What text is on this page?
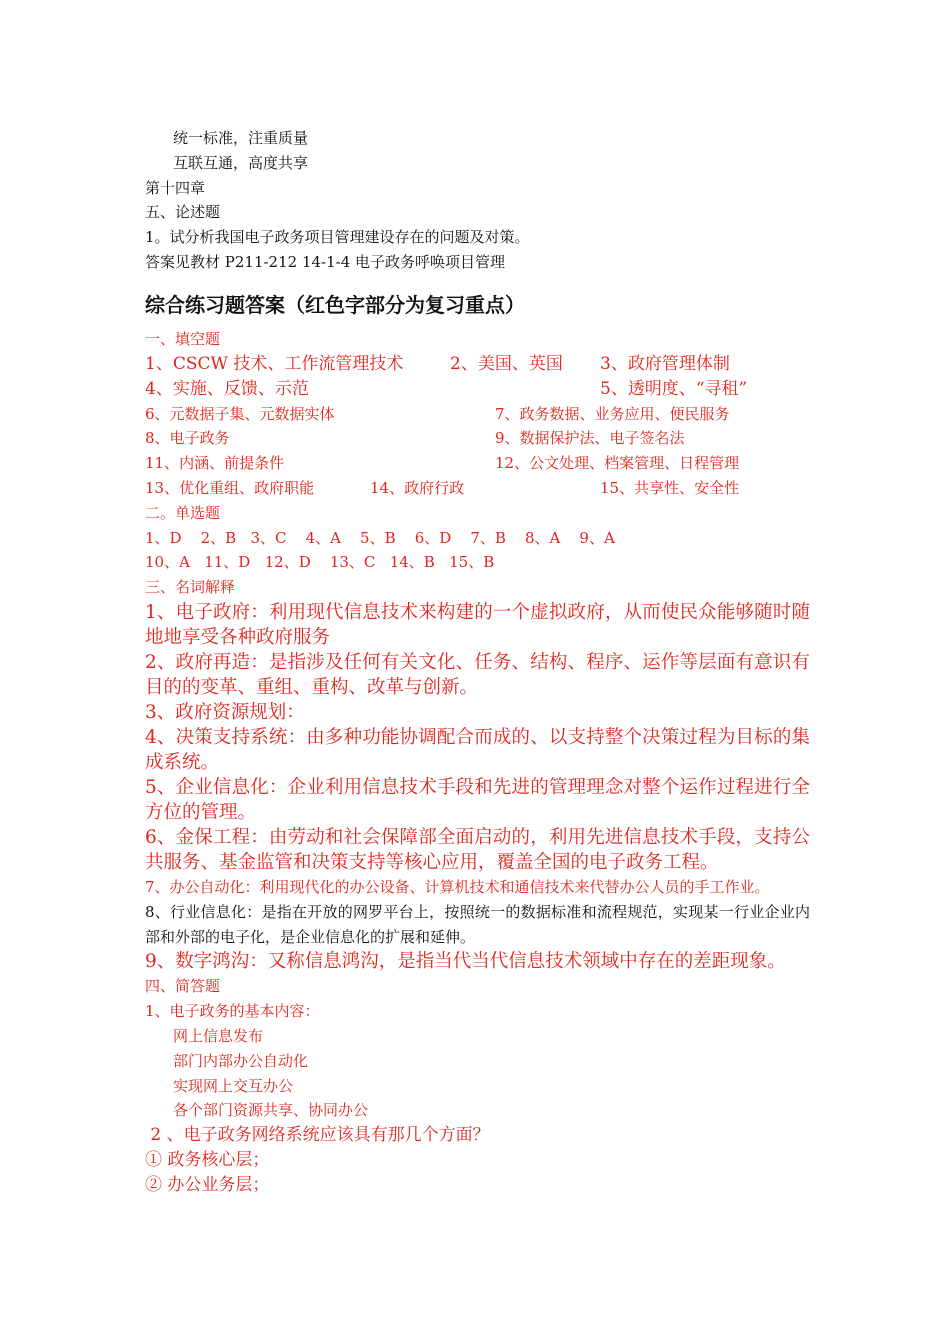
统一标准，注重质量

互联互通，高度共享

第十四章

五、论述题

1。试分析我国电子政务项目管理建设存在的问题及对策。

答案见教材 P211-212 14-1-4 电子政务呼唤项目管理

综合练习题答案（红色字部分为复习重点）

一、填空题

1、CSCW 技术、工作流管理技术	2、美国、英国 3、政府管理体制
4、实施、反馈、示范	5、透明度、“寻租”
6、元数据子集、元数据实体	7、政务数据、业务应用、便民服务
8、电子政务	9、数据保护法、电子签名法
11、内涵、前提条件	12、公文处理、档案管理、日程管理
13、优化重组、政府职能	14、政府行政	15、共享性、安全性

二。单选题

1、D    2、B   3、C    4、A    5、B    6、D    7、B    8、A    9、A

10、A   11、D   12、D    13、C   14、B   15、B

三、名词解释

1、电子政府：利用现代信息技术来构建的一个虚拟政府，从而使民众能够随时随地地享受各种政府服务

2、政府再造：是指涉及任何有关文化、任务、结构、程序、运作等层面有意识有目的的变革、重组、重构、改革与创新。

3、政府资源规划：

4、决策支持系统：由多种功能协调配合而成的、以支持整个决策过程为目标的集成系统。

5、企业信息化：企业利用信息技术手段和先进的管理理念对整个运作过程进行全方位的管理。

6、金保工程：由劳动和社会保障部全面启动的，利用先进信息技术手段，支持公共服务、基金监管和决策支持等核心应用，覆盖全国的电子政务工程。

7、办公自动化：利用现代化的办公设备、计算机技术和通信技术来代替办公人员的手工作业。

8、行业信息化：是指在开放的网罗平台上，按照统一的数据标准和流程规范，实现某一行业企业内部和外部的电子化，是企业信息化的扩展和延伸。

9、数字鸿沟：又称信息鸿沟，是指当代当代信息技术领域中存在的差距现象。

四、简答题

1、电子政务的基本内容：

网上信息发布

部门内部办公自动化

实现网上交互办公

各个部门资源共享、协同办公

2 、电子政务网络系统应该具有那几个方面？

① 政务核心层；

② 办公业务层；
